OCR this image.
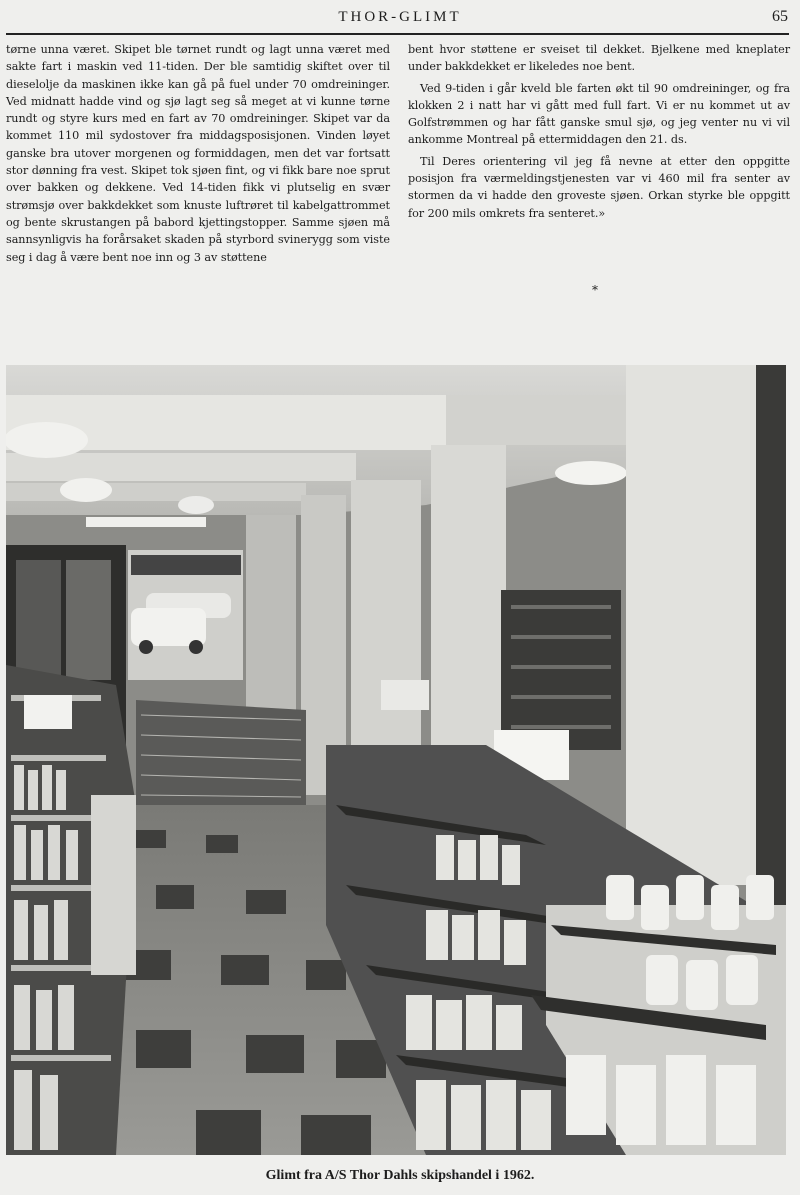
THOR-GLIMT	65

tørne unna været. Skipet ble tørnet rundt og lagt unna været med sakte fart i maskin ved 11-tiden. Der ble samtidig skiftet over til dieselolje da maskinen ikke kan gå på fuel under 70 omdreininger. Ved midnatt hadde vind og sjø lagt seg så meget at vi kunne tørne rundt og styre kurs med en fart av 70 omdreininger. Skipet var da kommet 110 mil sydostover fra middagsposisjonen. Vinden løyet ganske bra utover morgenen og formiddagen, men det var fortsatt stor dønning fra vest. Skipet tok sjøen fint, og vi fikk bare noe sprut over bakken og dekkene. Ved 14-tiden fikk vi plutselig en svær strømsjø over bakkdekket som knuste luftrøret til kabelgattrommet og bente skrustangen på babord kjettingstopper. Samme sjøen må sannsynligvis ha forårsaket skaden på styrbord svinerygg som viste seg i dag å være bent noe inn og 3 av støttene

bent hvor støttene er sveiset til dekket. Bjelkene med kneplater under bakkdekket er likeledes noe bent.

Ved 9-tiden i går kveld ble farten økt til 90 omdreininger, og fra klokken 2 i natt har vi gått med full fart. Vi er nu kommet ut av Golfstrømmen og har fått ganske smul sjø, og jeg venter nu vi vil ankomme Montreal på ettermiddagen den 21. ds.

Til Deres orientering vil jeg få nevne at etter den oppgitte posisjon fra værmeldingstjenesten var vi 460 mil fra senter av stormen da vi hadde den groveste sjøen. Orkan styrke ble oppgitt for 200 mils omkrets fra senteret.»

*
Glimt fra A/S Thor Dahls skipshandel i 1962.
